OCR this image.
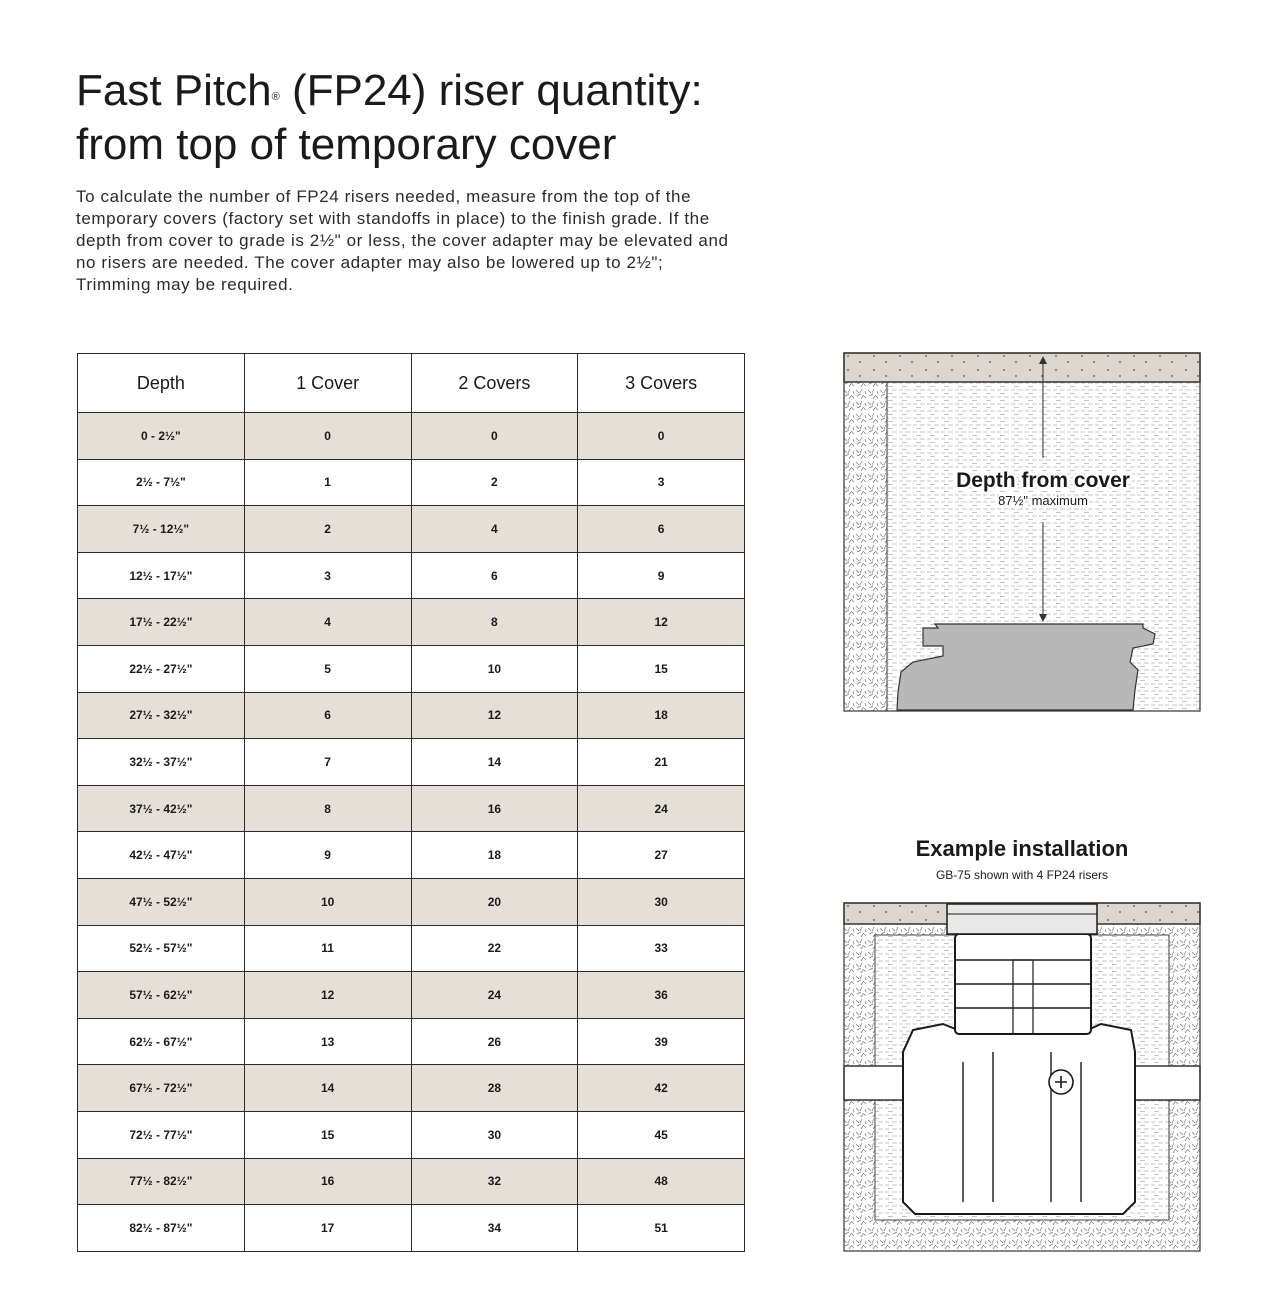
Fast Pitch® (FP24) riser quantity:
from top of temporary cover

To calculate the number of FP24 risers needed, measure from the top of the temporary covers (factory set with standoffs in place) to the finish grade. If the depth from cover to grade is 2½" or less, the cover adapter may be elevated and no risers are needed. The cover adapter may also be lowered up to 2½"; Trimming may be required.

Depth	1 Cover	2 Covers	3 Covers
0 - 2½"	0	0	0
2½ - 7½"	1	2	3
7½ - 12½"	2	4	6
12½ - 17½"	3	6	9
17½ - 22½"	4	8	12
22½ - 27½"	5	10	15
27½ - 32½"	6	12	18
32½ - 37½"	7	14	21
37½ - 42½"	8	16	24
42½ - 47½"	9	18	27
47½ - 52½"	10	20	30
52½ - 57½"	11	22	33
57½ - 62½"	12	24	36
62½ - 67½"	13	26	39
67½ - 72½"	14	28	42
72½ - 77½"	15	30	45
77½ - 82½"	16	32	48
82½ - 87½"	17	34	51
Depth from cover
87½" maximum
Example installation

GB-75 shown with 4 FP24 risers
